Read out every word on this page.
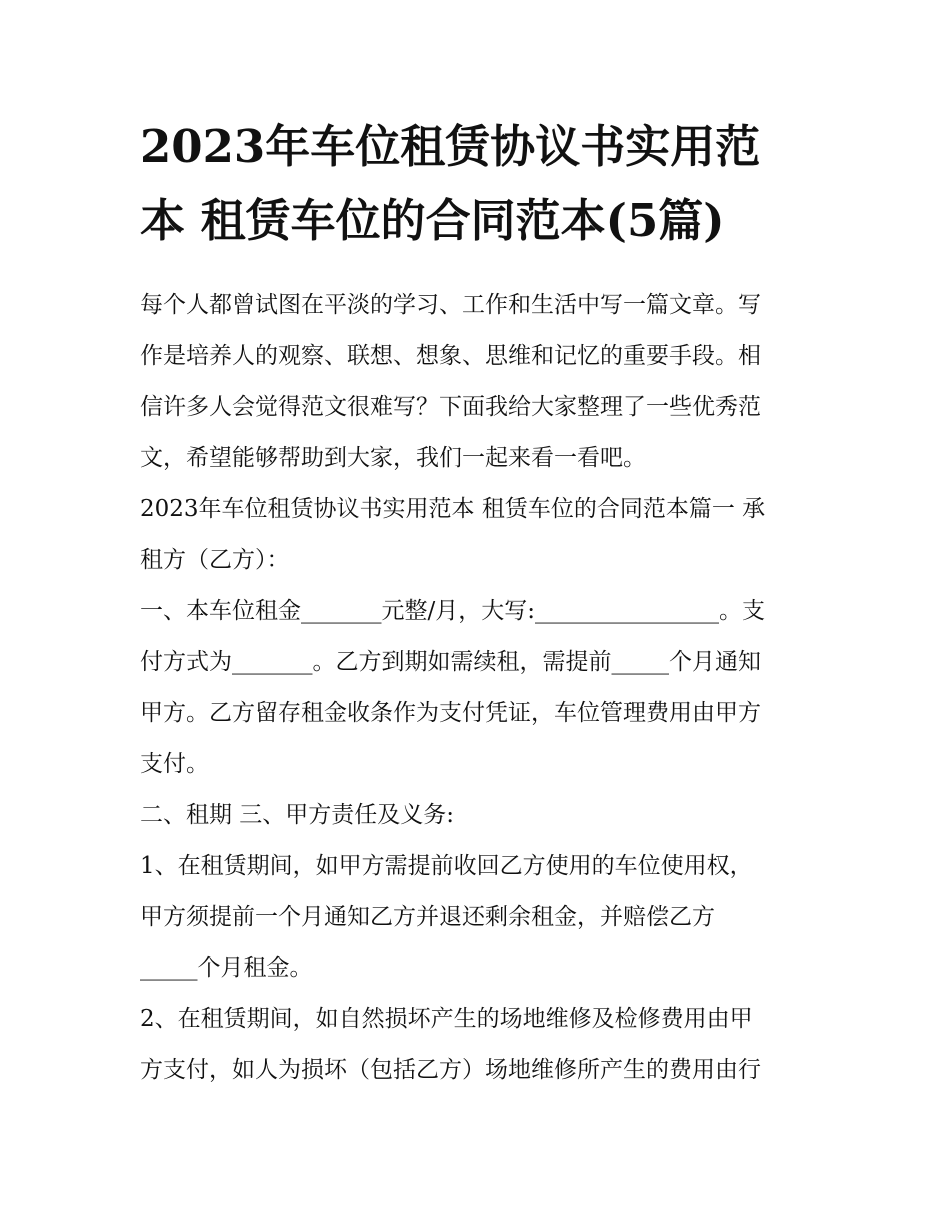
2023年车位租赁协议书实用范
本 租赁车位的合同范本(5篇)

每个人都曾试图在平淡的学习、工作和生活中写一篇文章。写
作是培养人的观察、联想、想象、思维和记忆的重要手段。相
信许多人会觉得范文很难写？下面我给大家整理了一些优秀范
文，希望能够帮助到大家，我们一起来看一看吧。

2023年车位租赁协议书实用范本 租赁车位的合同范本篇一 承
租方（乙方）：

一、本车位租金_______元整/月，大写:________________。支
付方式为_______。乙方到期如需续租，需提前_____个月通知
甲方。乙方留存租金收条作为支付凭证，车位管理费用由甲方
支付。

二、租期 三、甲方责任及义务:

1、在租赁期间，如甲方需提前收回乙方使用的车位使用权，
甲方须提前一个月通知乙方并退还剩余租金，并赔偿乙方
_____个月租金。

2、在租赁期间，如自然损坏产生的场地维修及检修费用由甲
方支付，如人为损坏（包括乙方）场地维修所产生的费用由行
